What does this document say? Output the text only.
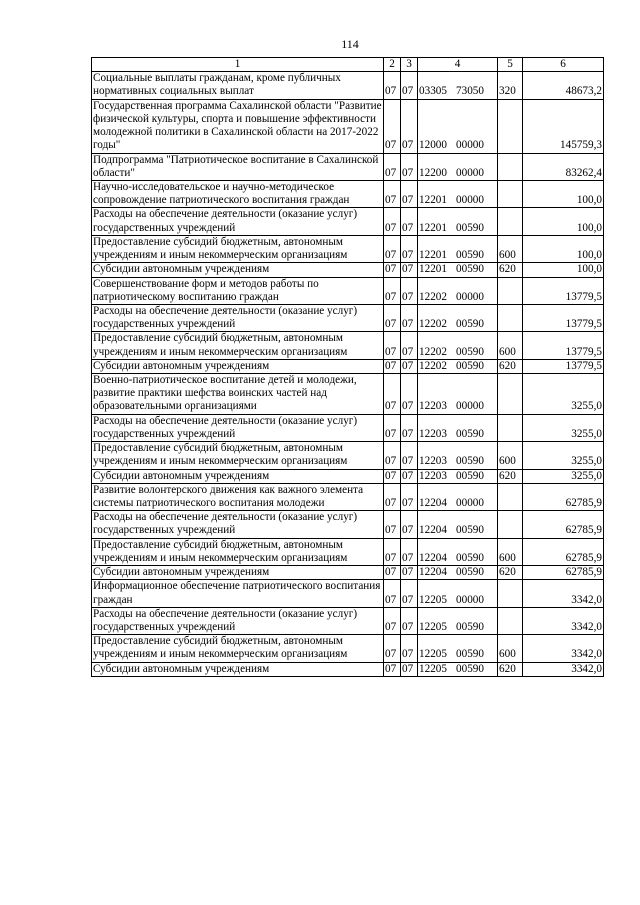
114
1	2	3	4	5	6
Социальные выплаты гражданам, кроме публичных нормативных социальных выплат	07	07	03305 73050	320	48673,2
Государственная программа Сахалинской области "Развитие физической культуры, спорта и повышение эффективности молодежной политики в Сахалинской области на 2017-2022 годы"	07	07	12000 00000		145759,3
Подпрограмма "Патриотическое воспитание в Сахалинской области"	07	07	12200 00000		83262,4
Научно-исследовательское и научно-методическое сопровождение патриотического воспитания граждан	07	07	12201 00000		100,0
Расходы на обеспечение деятельности (оказание услуг) государственных учреждений	07	07	12201 00590		100,0
Предоставление субсидий бюджетным, автономным учреждениям и иным некоммерческим организациям	07	07	12201 00590	600	100,0
Субсидии автономным учреждениям	07	07	12201 00590	620	100,0
Совершенствование форм и методов работы по патриотическому воспитанию граждан	07	07	12202 00000		13779,5
Расходы на обеспечение деятельности (оказание услуг) государственных учреждений	07	07	12202 00590		13779,5
Предоставление субсидий бюджетным, автономным учреждениям и иным некоммерческим организациям	07	07	12202 00590	600	13779,5
Субсидии автономным учреждениям	07	07	12202 00590	620	13779,5
Военно-патриотическое воспитание детей и молодежи, развитие практики шефства воинских частей над образовательными организациями	07	07	12203 00000		3255,0
Расходы на обеспечение деятельности (оказание услуг) государственных учреждений	07	07	12203 00590		3255,0
Предоставление субсидий бюджетным, автономным учреждениям и иным некоммерческим организациям	07	07	12203 00590	600	3255,0
Субсидии автономным учреждениям	07	07	12203 00590	620	3255,0
Развитие волонтерского движения как важного элемента системы патриотического воспитания молодежи	07	07	12204 00000		62785,9
Расходы на обеспечение деятельности (оказание услуг) государственных учреждений	07	07	12204 00590		62785,9
Предоставление субсидий бюджетным, автономным учреждениям и иным некоммерческим организациям	07	07	12204 00590	600	62785,9
Субсидии автономным учреждениям	07	07	12204 00590	620	62785,9
Информационное обеспечение патриотического воспитания граждан	07	07	12205 00000		3342,0
Расходы на обеспечение деятельности (оказание услуг) государственных учреждений	07	07	12205 00590		3342,0
Предоставление субсидий бюджетным, автономным учреждениям и иным некоммерческим организациям	07	07	12205 00590	600	3342,0
Субсидии автономным учреждениям	07	07	12205 00590	620	3342,0
